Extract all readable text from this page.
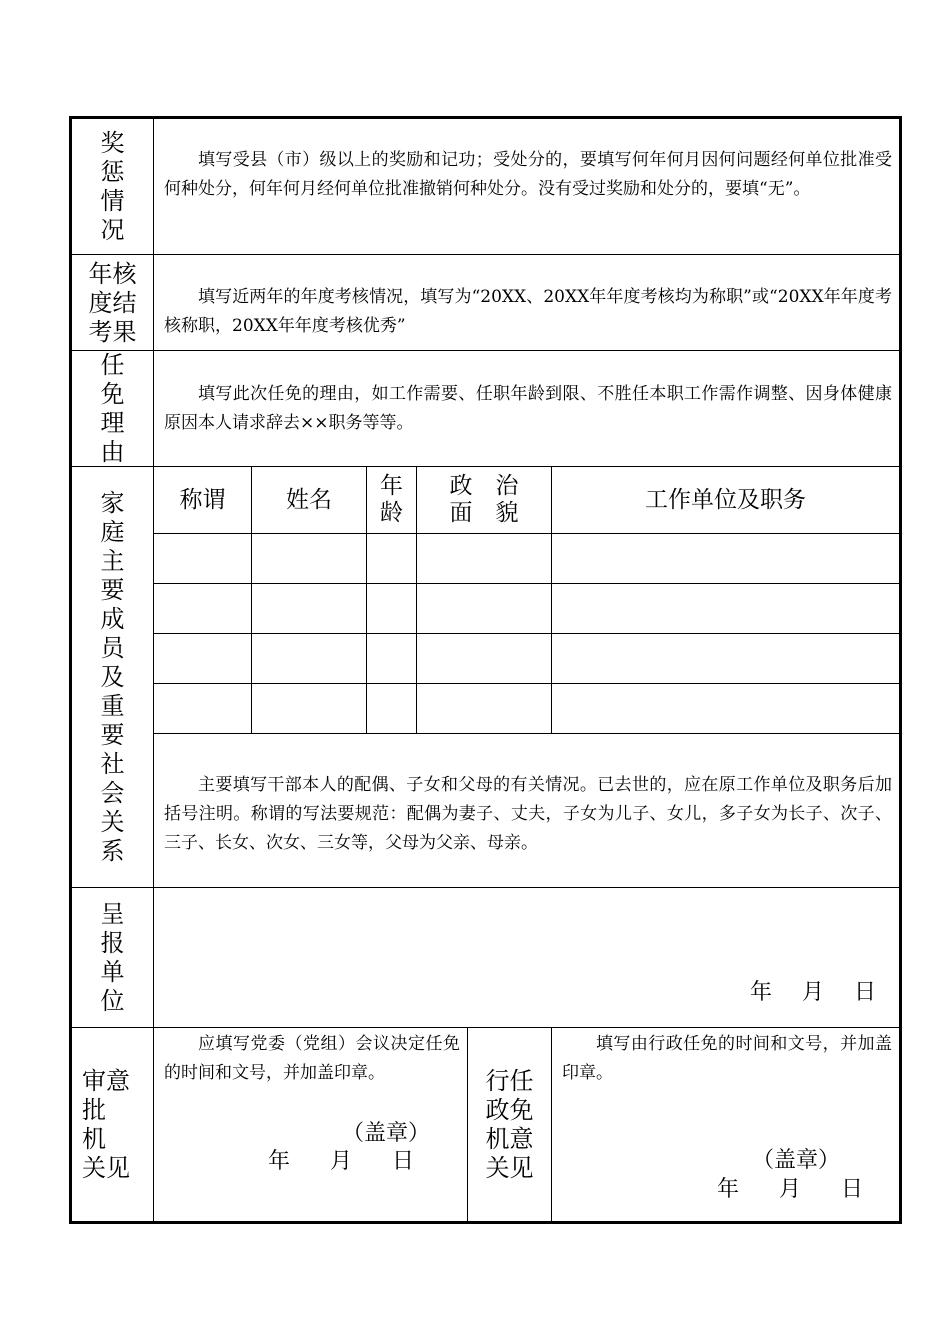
奖
惩
情
况

填写受县（市）级以上的奖励和记功；受处分的，要填写何年何月因何问题经何单位批准受何种处分，何年何月经何单位批准撤销何种处分。没有受过奖励和处分的，要填“无”。

年核
度结
考果

填写近两年的年度考核情况，填写为“20XX、20XX年年度考核均为称职”或“20XX年年度考核称职，20XX年年度考核优秀”

任
免
理
由

填写此次任免的理由，如工作需要、任职年龄到限、不胜任本职工作需作调整、因身体健康原因本人请求辞去××职务等等。

家
庭
主
要
成
员
及
重
要
社
会
关
系
称谓	姓名
年
龄
政　治
面　貌
工作单位及职务

主要填写干部本人的配偶、子女和父母的有关情况。已去世的，应在原工作单位及职务后加括号注明。称谓的写法要规范：配偶为妻子、丈夫，子女为儿子、女儿，多子女为长子、次子、三子、长女、次女、三女等，父母为父亲、母亲。

呈
报
单
位	年 月 日
审意
批
机
关见

应填写党委（党组）会议决定任免的时间和文号，并加盖印章。

（盖章）
年 月 日
行任
政免
机意
关见

填写由行政任免的时间和文号，并加盖印章。

（盖章）
年 月 日
